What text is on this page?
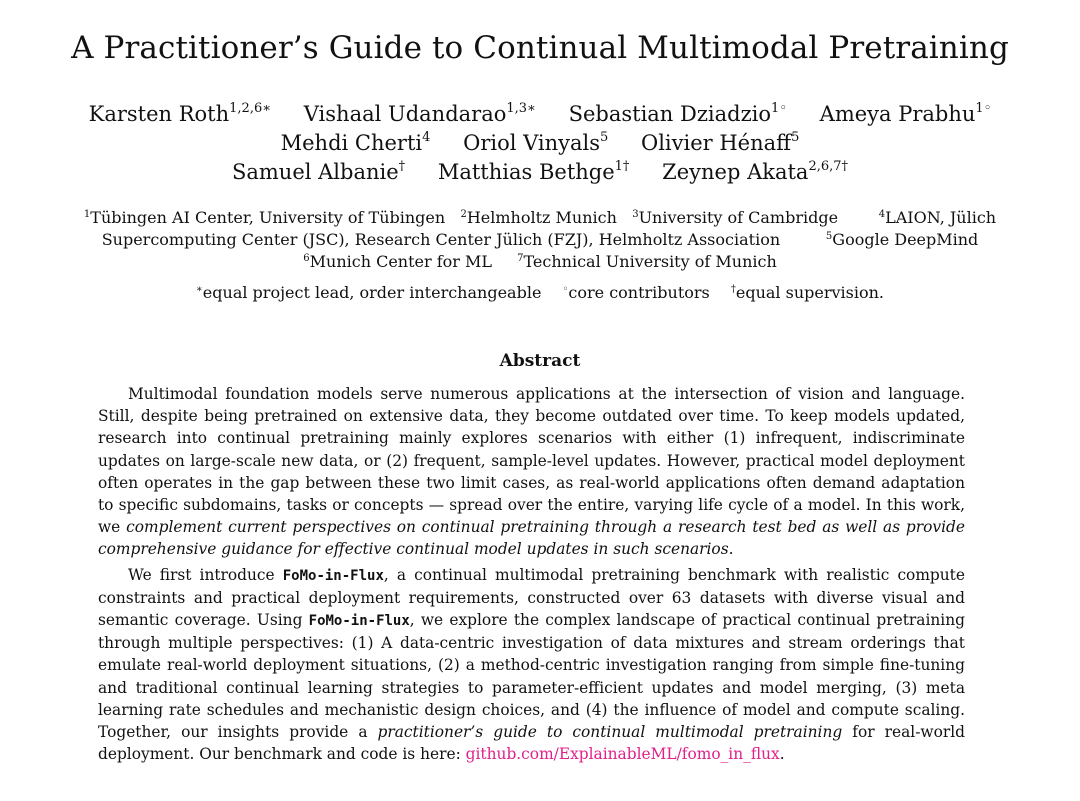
A Practitioner’s Guide to Continual Multimodal Pretraining
Karsten Roth$^{1,2,6∗}$ Vishaal Udandarao$^{1,3∗}$ Sebastian Dziadzio$^{1◦}$ Ameya Prabhu$^{1◦}$
Mehdi Cherti$^4$ Oriol Vinyals$^5$ Olivier Hénaff$^5$
Samuel Albanie† Matthias Bethge$^{1\dagger}$ Zeynep Akata$^{2,6,7\dagger}$
$^1$Tübingen AI Center, University of Tübingen $^2$Helmholtz Munich $^3$University of Cambridge	$^4$LAION, Jülich Supercomputing Center (JSC), Research Center Jülich (FZJ), Helmholtz Association	$^5$Google DeepMind
$^6$Munich Center for ML	$^7$Technical University of Munich
∗equal project lead, order interchangeable ◦core contributors †equal supervision.
Abstract

Multimodal foundation models serve numerous applications at the intersection of vision and language. Still, despite being pretrained on extensive data, they become outdated over time. To keep models updated, research into continual pretraining mainly explores scenarios with either (1) infrequent, indiscriminate updates on large-scale new data, or (2) frequent, sample-level updates. However, practical model deployment often operates in the gap between these two limit cases, as real-world applications often demand adaptation to specific subdomains, tasks or concepts — spread over the entire, varying life cycle of a model. In this work, we complement current perspectives on continual pretraining through a research test bed as well as provide comprehensive guidance for effective continual model updates in such scenarios.

We first introduce FoMo-in-Flux, a continual multimodal pretraining benchmark with realistic compute constraints and practical deployment requirements, constructed over 63 datasets with diverse visual and semantic coverage. Using FoMo-in-Flux, we explore the complex landscape of practical continual pretraining through multiple perspectives: (1) A data-centric investigation of data mixtures and stream orderings that emulate real-world deployment situations, (2) a method-centric investigation ranging from simple fine-tuning and traditional continual learning strategies to parameter-efficient updates and model merging, (3) meta learning rate schedules and mechanistic design choices, and (4) the influence of model and compute scaling. Together, our insights provide a practitioner’s guide to continual multimodal pretraining for real-world deployment. Our benchmark and code is here: github.com/ExplainableML/fomo_in_flux.
